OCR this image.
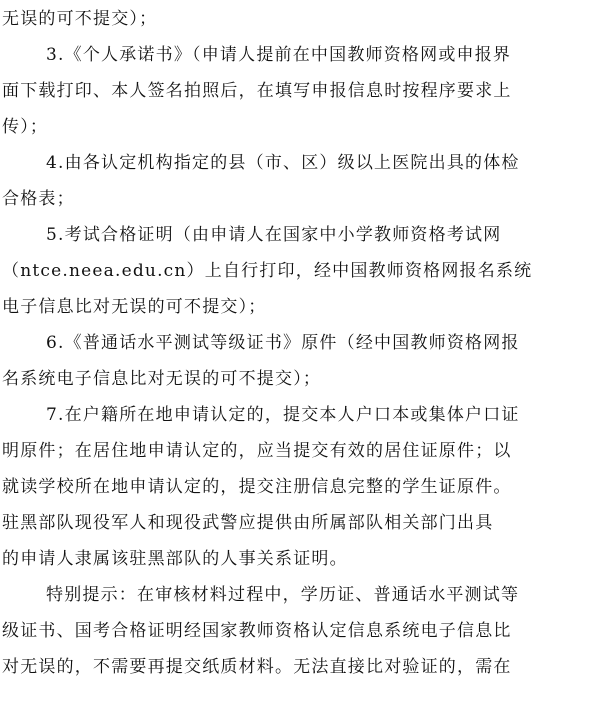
无误的可不提交）；
3.《个人承诺书》（申请人提前在中国教师资格网或申报界
面下载打印、本人签名拍照后，在填写申报信息时按程序要求上
传）；
4.由各认定机构指定的县（市、区）级以上医院出具的体检
合格表；
5.考试合格证明（由申请人在国家中小学教师资格考试网
（ntce.neea.edu.cn）上自行打印，经中国教师资格网报名系统
电子信息比对无误的可不提交）；
6.《普通话水平测试等级证书》原件（经中国教师资格网报
名系统电子信息比对无误的可不提交）；
7.在户籍所在地申请认定的，提交本人户口本或集体户口证
明原件；在居住地申请认定的，应当提交有效的居住证原件；以
就读学校所在地申请认定的，提交注册信息完整的学生证原件。
驻黑部队现役军人和现役武警应提供由所属部队相关部门出具
的申请人隶属该驻黑部队的人事关系证明。
特别提示：在审核材料过程中，学历证、普通话水平测试等
级证书、国考合格证明经国家教师资格认定信息系统电子信息比
对无误的，不需要再提交纸质材料。无法直接比对验证的，需在
